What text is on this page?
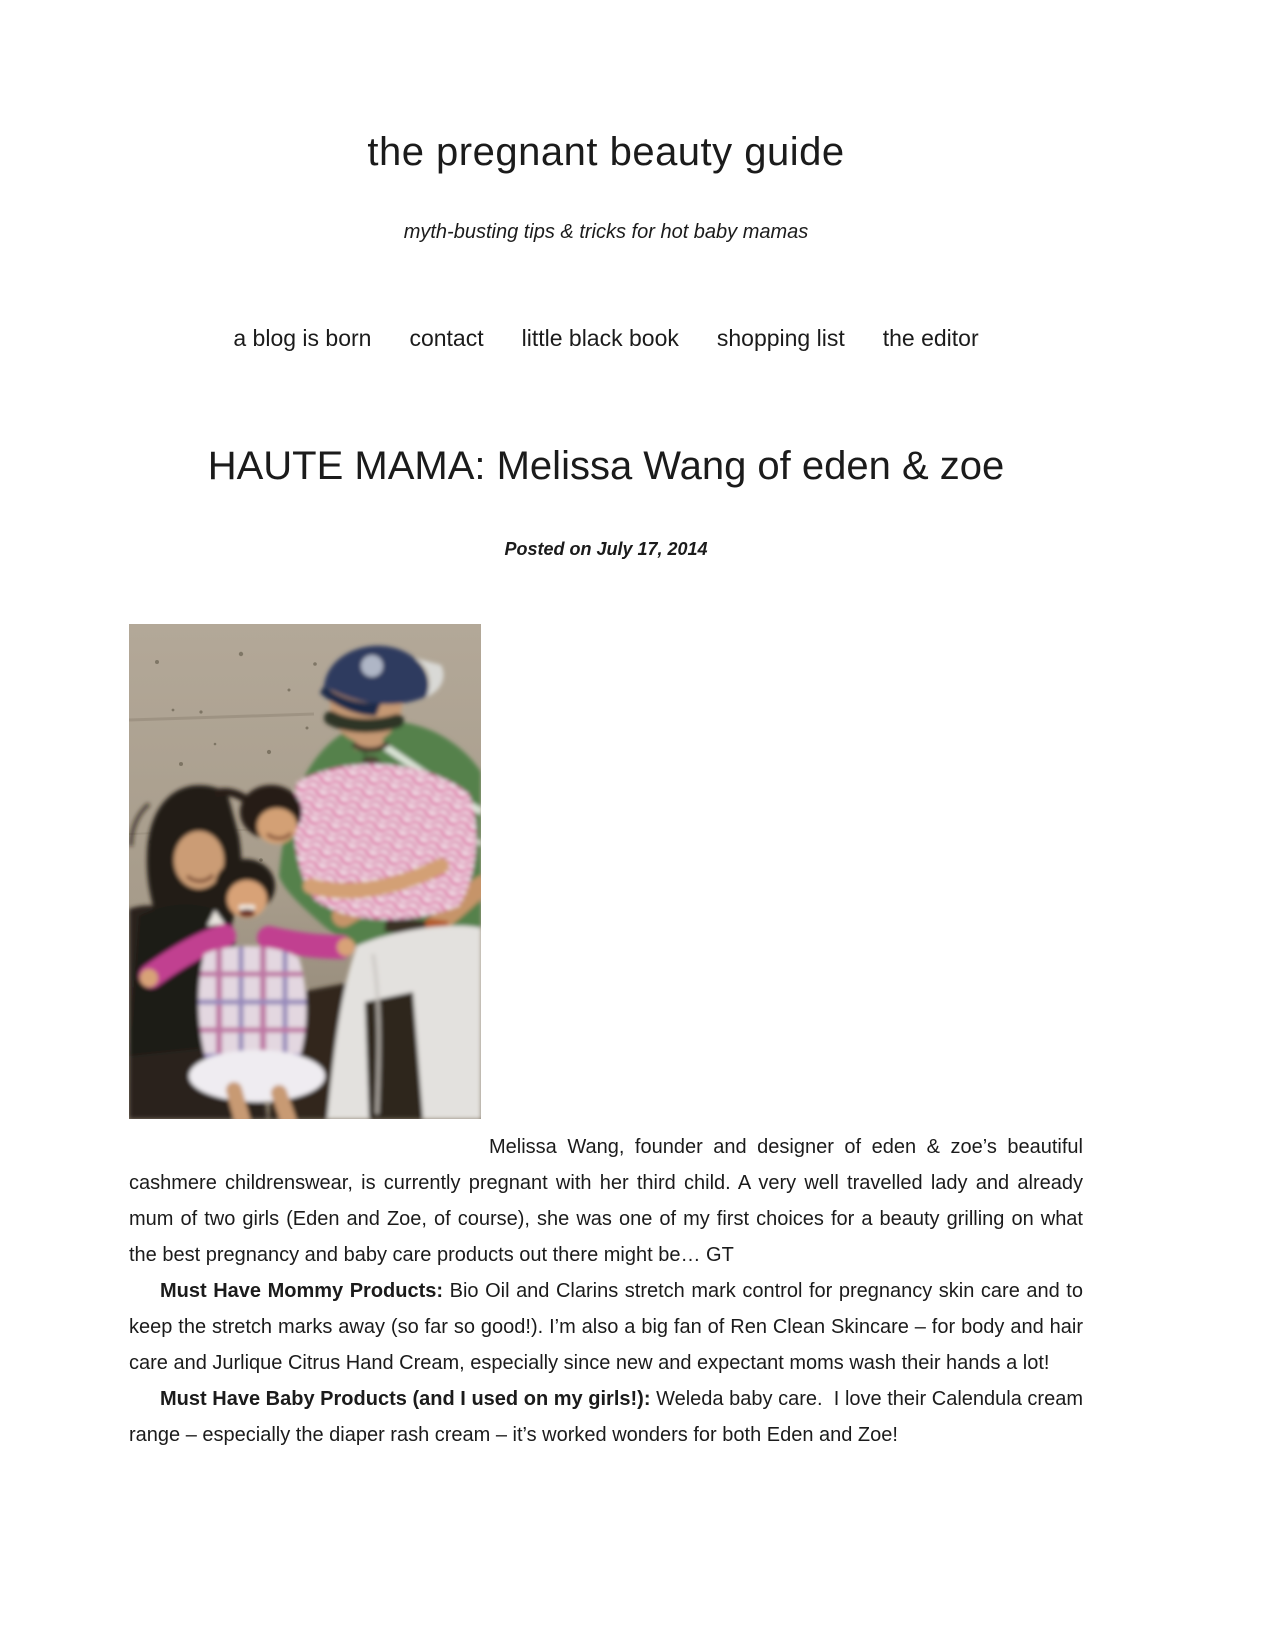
the pregnant beauty guide

myth-busting tips & tricks for hot baby mamas

a blog is born contact little black book shopping list the editor
HAUTE MAMA: Melissa Wang of eden & zoe

Posted on July 17, 2014

Melissa Wang, founder and designer of eden & zoe’s beautiful cashmere childrenswear, is currently pregnant with her third child. A very well travelled lady and already mum of two girls (Eden and Zoe, of course), she was one of my first choices for a beauty grilling on what the best pregnancy and baby care products out there might be… GT

Must Have Mommy Products: Bio Oil and Clarins stretch mark control for pregnancy skin care and to keep the stretch marks away (so far so good!). I’m also a big fan of Ren Clean Skincare – for body and hair care and Jurlique Citrus Hand Cream, especially since new and expectant moms wash their hands a lot!

Must Have Baby Products (and I used on my girls!): Weleda baby care.  I love their Calendula cream range – especially the diaper rash cream – it’s worked wonders for both Eden and Zoe!
